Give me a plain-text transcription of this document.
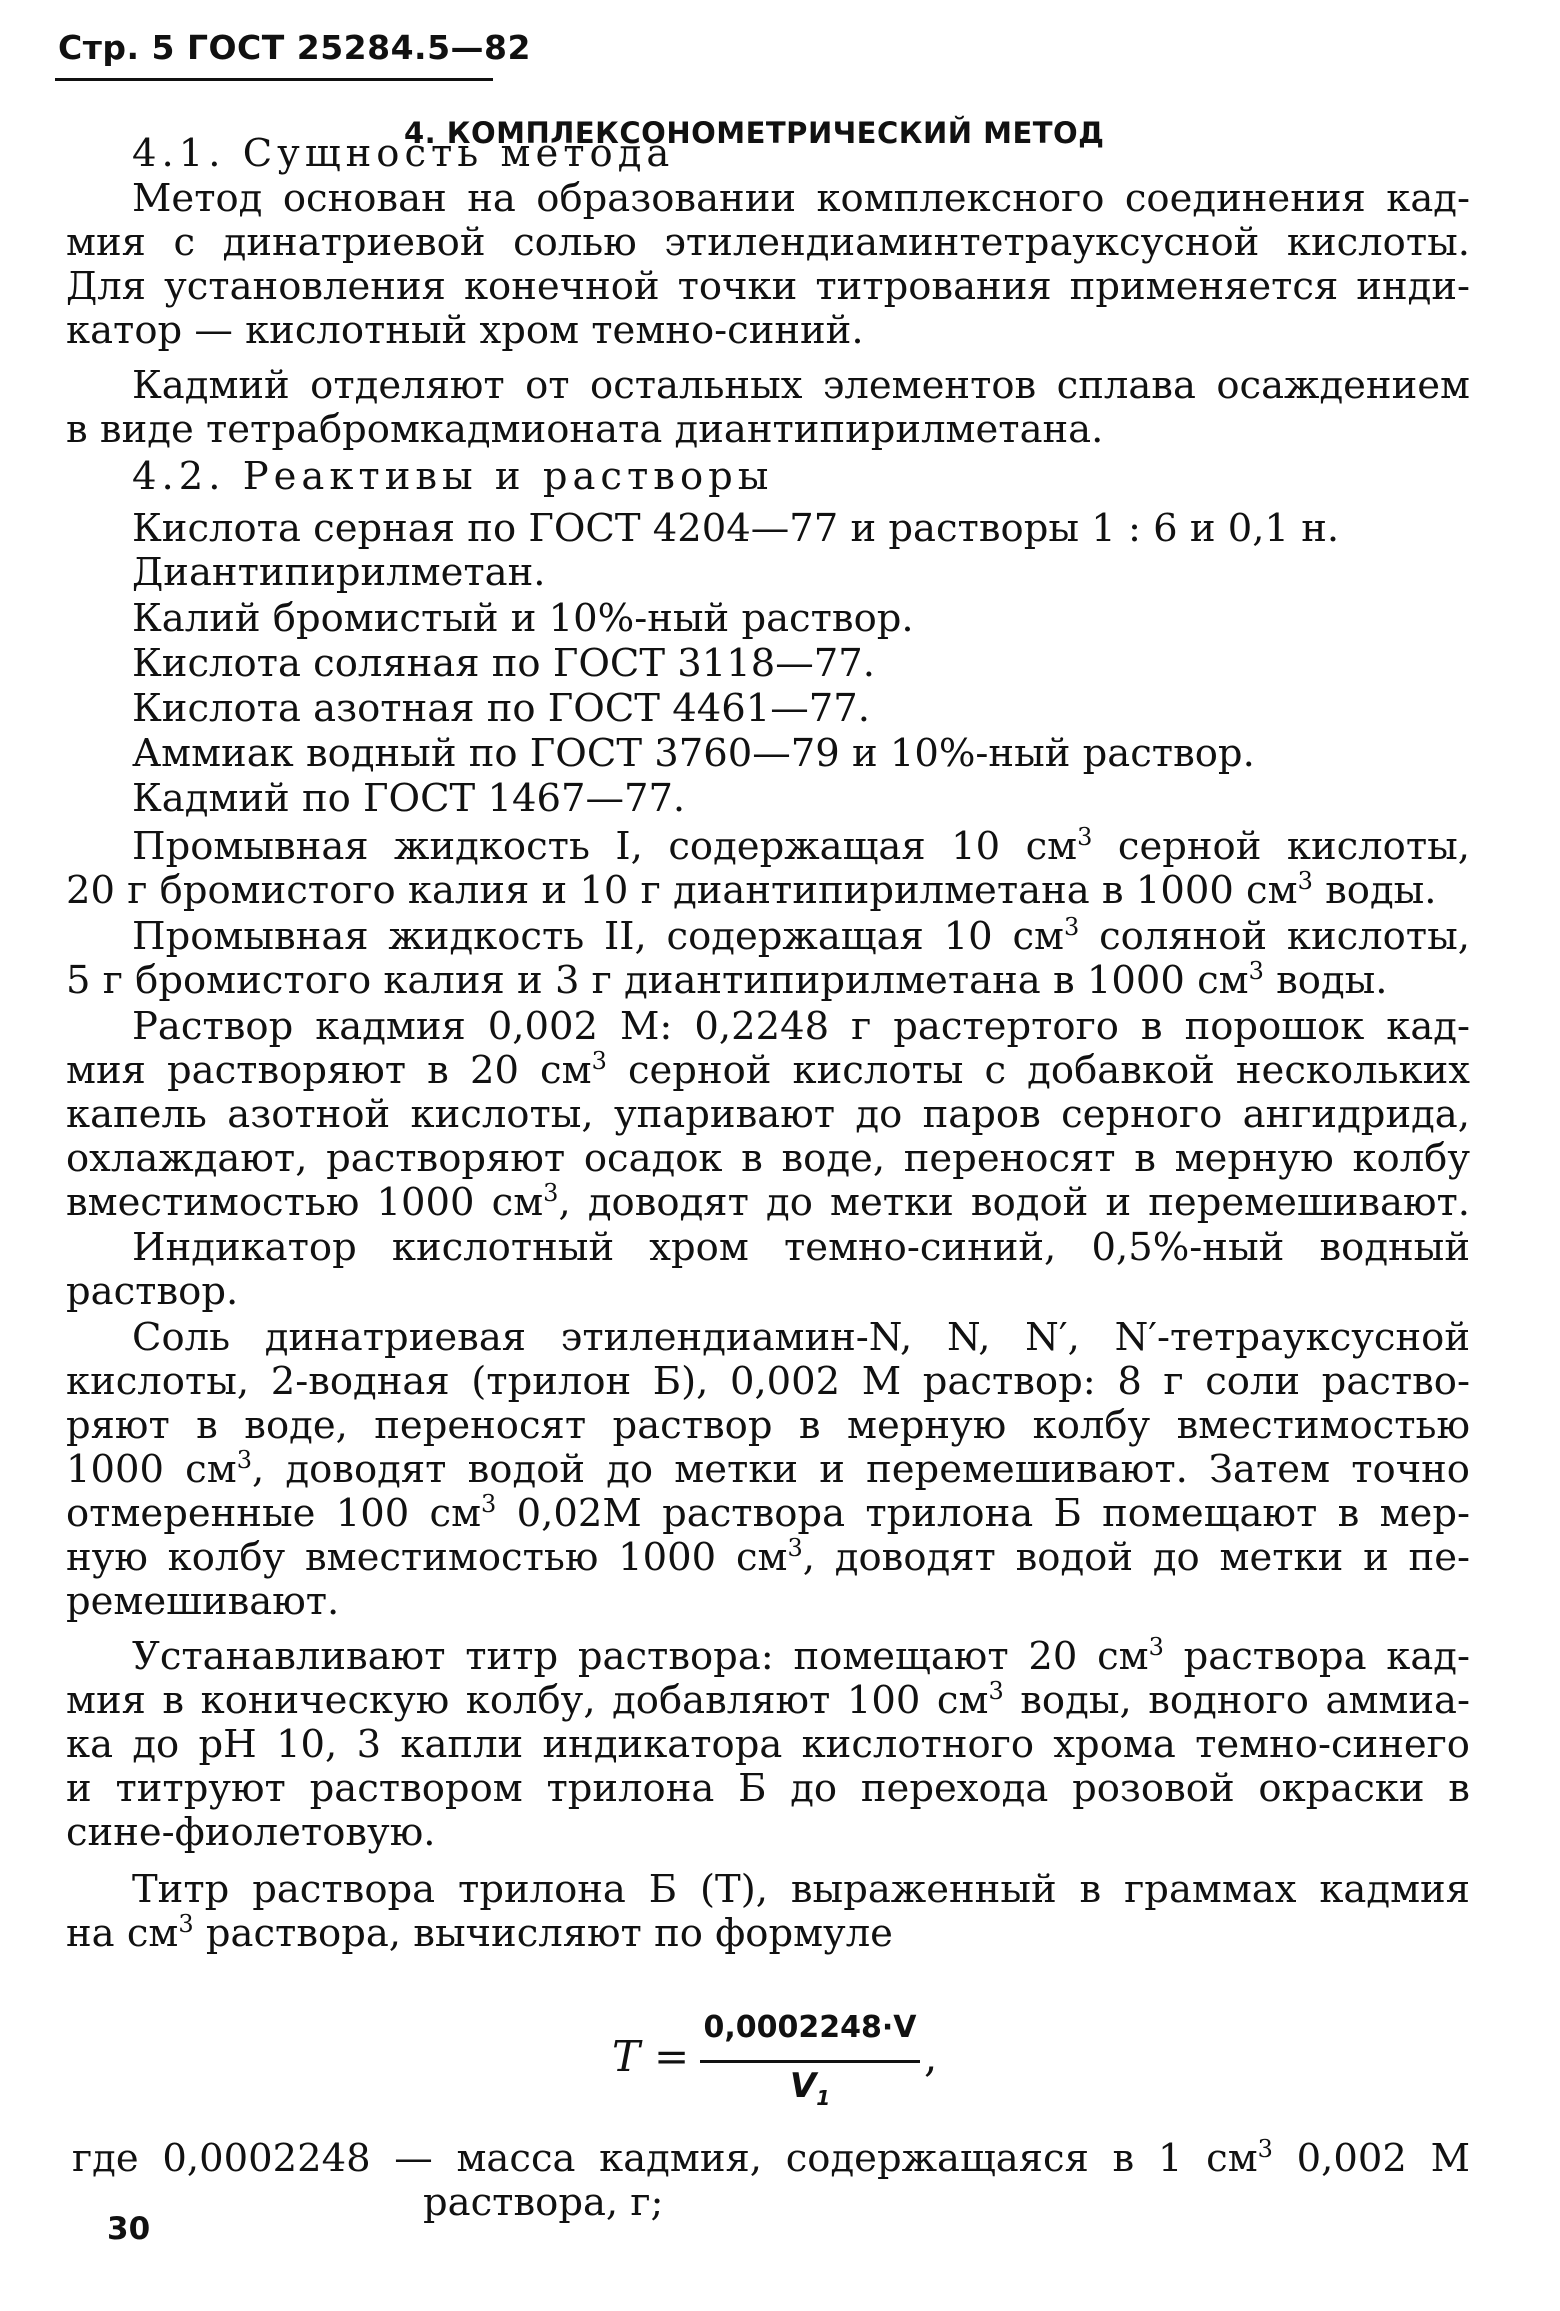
Стр. 5 ГОСТ 25284.5—82
4. КОМПЛЕКСОНОМЕТРИЧЕСКИЙ МЕТОД
4.1. Сущность метода
Метод основан на образовании комплексного соединения кад-
мия с динатриевой солью этилендиаминтетрауксусной кислоты.
Для установления конечной точки титрования применяется инди-
катор — кислотный хром темно-синий.
Кадмий отделяют от остальных элементов сплава осаждением
в виде тетрабромкадмионата диантипирилметана.
4.2. Реактивы и растворы
Кислота серная по ГОСТ 4204—77 и растворы 1 : 6 и 0,1 н.
Диантипирилметан.
Калий бромистый и 10%-ный раствор.
Кислота соляная по ГОСТ 3118—77.
Кислота азотная по ГОСТ 4461—77.
Аммиак водный по ГОСТ 3760—79 и 10%-ный раствор.
Кадмий по ГОСТ 1467—77.
Промывная жидкость I, содержащая 10 $см^3$ серной кислоты,
20 г бромистого калия и 10 г диантипирилметана в 1000 $см^3$ воды.
Промывная жидкость II, содержащая 10 $см^3$ соляной кислоты,
5 г бромистого калия и 3 г диантипирилметана в 1000 $см^3$ воды.
Раствор кадмия 0,002 М: 0,2248 г растертого в порошок кад-
мия растворяют в 20 $см^3$ серной кислоты с добавкой нескольких
капель азотной кислоты, упаривают до паров серного ангидрида,
охлаждают, растворяют осадок в воде, переносят в мерную колбу
вместимостью 1000 $см^3$, доводят до метки водой и перемешивают.
Индикатор кислотный хром темно-синий, 0,5%-ный водный
раствор.
Соль динатриевая этилендиамин-N, N, N′, N′-тетрауксусной
кислоты, 2-водная (трилон Б), 0,002 М раствор: 8 г соли раство-
ряют в воде, переносят раствор в мерную колбу вместимостью
1000 $см^3$, доводят водой до метки и перемешивают. Затем точно
отмеренные 100 $см^3$ 0,02М раствора трилона Б помещают в мер-
ную колбу вместимостью 1000 $см^3$, доводят водой до метки и пе-
ремешивают.
Устанавливают титр раствора: помещают 20 $см^3$ раствора кад-
мия в коническую колбу, добавляют 100 $см^3$ воды, водного аммиа-
ка до рН 10, 3 капли индикатора кислотного хрома темно-синего
и титруют раствором трилона Б до перехода розовой окраски в
сине-фиолетовую.
Титр раствора трилона Б (Т), выраженный в граммах кадмия
на $см^3$ раствора, вычисляют по формуле
T =
0,0002248·V
$V_1$
,
где 0,0002248 — масса кадмия, содержащаяся в 1 $см^3$ 0,002 М
раствора, г;
30
